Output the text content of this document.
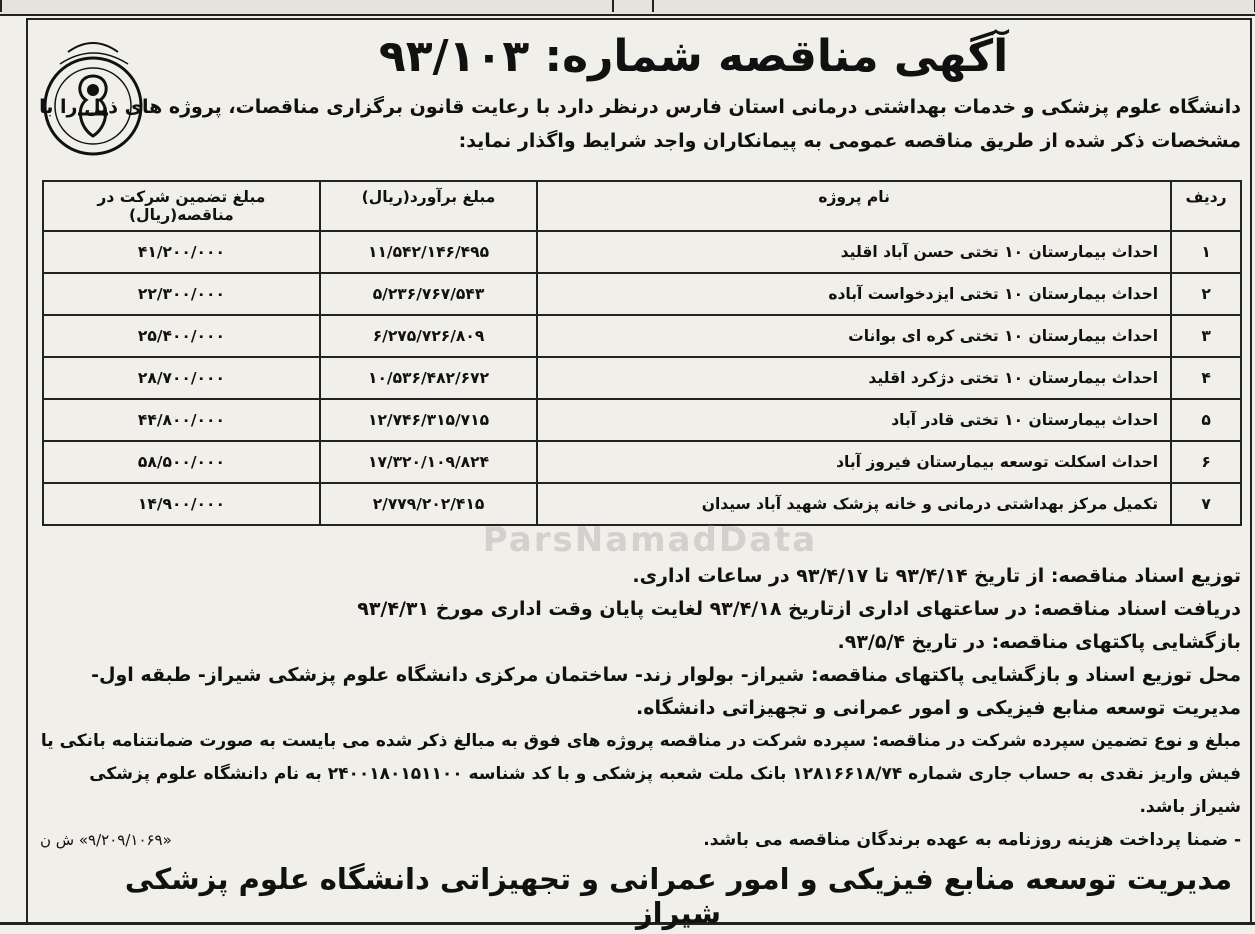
آگهی مناقصه شماره: ۹۳/۱۰۳
دانشگاه علوم پزشکی و خدمات بهداشتی درمانی استان فارس درنظر دارد با رعایت قانون برگزاری مناقصات، پروژه های ذیل را با
مشخصات ذکر شده از طریق مناقصه عمومی به پیمانکاران واجد شرایط واگذار نماید:
ردیف	نام پروژه	مبلغ برآورد(ریال)	مبلغ تضمین شرکت در مناقصه(ریال)
۱	احداث بیمارستان ۱۰ تختی حسن آباد اقلید	۱۱/۵۴۲/۱۴۶/۴۹۵	۴۱/۲۰۰/۰۰۰
۲	احداث بیمارستان ۱۰ تختی ایزدخواست آباده	۵/۲۳۶/۷۶۷/۵۴۳	۲۲/۳۰۰/۰۰۰
۳	احداث بیمارستان ۱۰ تختی کره ای بوانات	۶/۲۷۵/۷۲۶/۸۰۹	۲۵/۴۰۰/۰۰۰
۴	احداث بیمارستان ۱۰ تختی دژکرد اقلید	۱۰/۵۳۶/۴۸۲/۶۷۲	۲۸/۷۰۰/۰۰۰
۵	احداث بیمارستان ۱۰ تختی قادر آباد	۱۲/۷۴۶/۳۱۵/۷۱۵	۴۴/۸۰۰/۰۰۰
۶	احداث اسکلت توسعه بیمارستان فیروز آباد	۱۷/۳۲۰/۱۰۹/۸۲۴	۵۸/۵۰۰/۰۰۰
۷	تکمیل مرکز بهداشتی درمانی و خانه پزشک شهید آباد سیدان	۲/۷۷۹/۲۰۲/۴۱۵	۱۴/۹۰۰/۰۰۰
ParsNamadData

توزیع اسناد مناقصه: از تاریخ ۹۳/۴/۱۴ تا ۹۳/۴/۱۷ در ساعات اداری.

دریافت اسناد مناقصه: در ساعتهای اداری ازتاریخ ۹۳/۴/۱۸ لغایت پایان وقت اداری مورخ ۹۳/۴/۳۱

بازگشایی پاکتهای مناقصه: در تاریخ ۹۳/۵/۴.

محل توزیع اسناد و بازگشایی پاکتهای مناقصه: شیراز- بولوار زند- ساختمان مرکزی دانشگاه علوم پزشکی شیراز- طبقه اول- مدیریت توسعه منابع فیزیکی و امور عمرانی و تجهیزاتی دانشگاه.

مبلغ و نوع تضمین سپرده شرکت در مناقصه: سپرده شرکت در مناقصه پروژه های فوق به مبالغ ذکر شده می بایست به صورت ضمانتنامه بانکی یا فیش واریز نقدی به حساب جاری شماره ۱۲۸۱۶۶۱۸/۷۴ بانک ملت شعبه پزشکی و با کد شناسه ۲۴۰۰۱۸۰۱۵۱۱۰۰ به نام دانشگاه علوم پزشکی شیراز باشد.

- ضمنا پرداخت هزینه روزنامه به عهده برندگان مناقصه می باشد.
«۹/۲۰۹/۱۰۶۹» ش ن
مدیریت توسعه منابع فیزیکی و امور عمرانی و تجهیزاتی دانشگاه علوم پزشکی شیراز
